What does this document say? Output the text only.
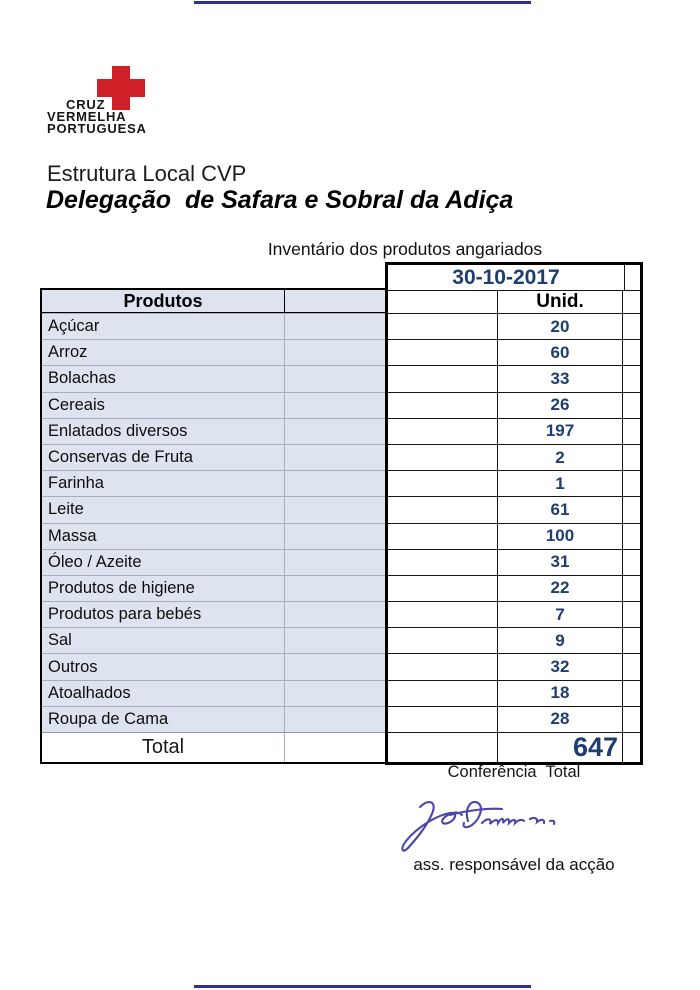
CRUZ
VERMELHA
PORTUGUESA
Estrutura Local CVP
Delegação  de Safara e Sobral da Adiça
Inventário dos produtos angariados
Produtos
Açúcar
Arroz
Bolachas
Cereais
Enlatados diversos
Conservas de Fruta
Farinha
Leite
Massa
Óleo / Azeite
Produtos de higiene
Produtos para bebés
Sal
Outros
Atoalhados
Roupa de Cama
Total
30-10-2017
Unid.
20
60
33
26
197
2
1
61
100
31
22
7
9
32
18
28
647
Conferência  Total
ass. responsável da acção
